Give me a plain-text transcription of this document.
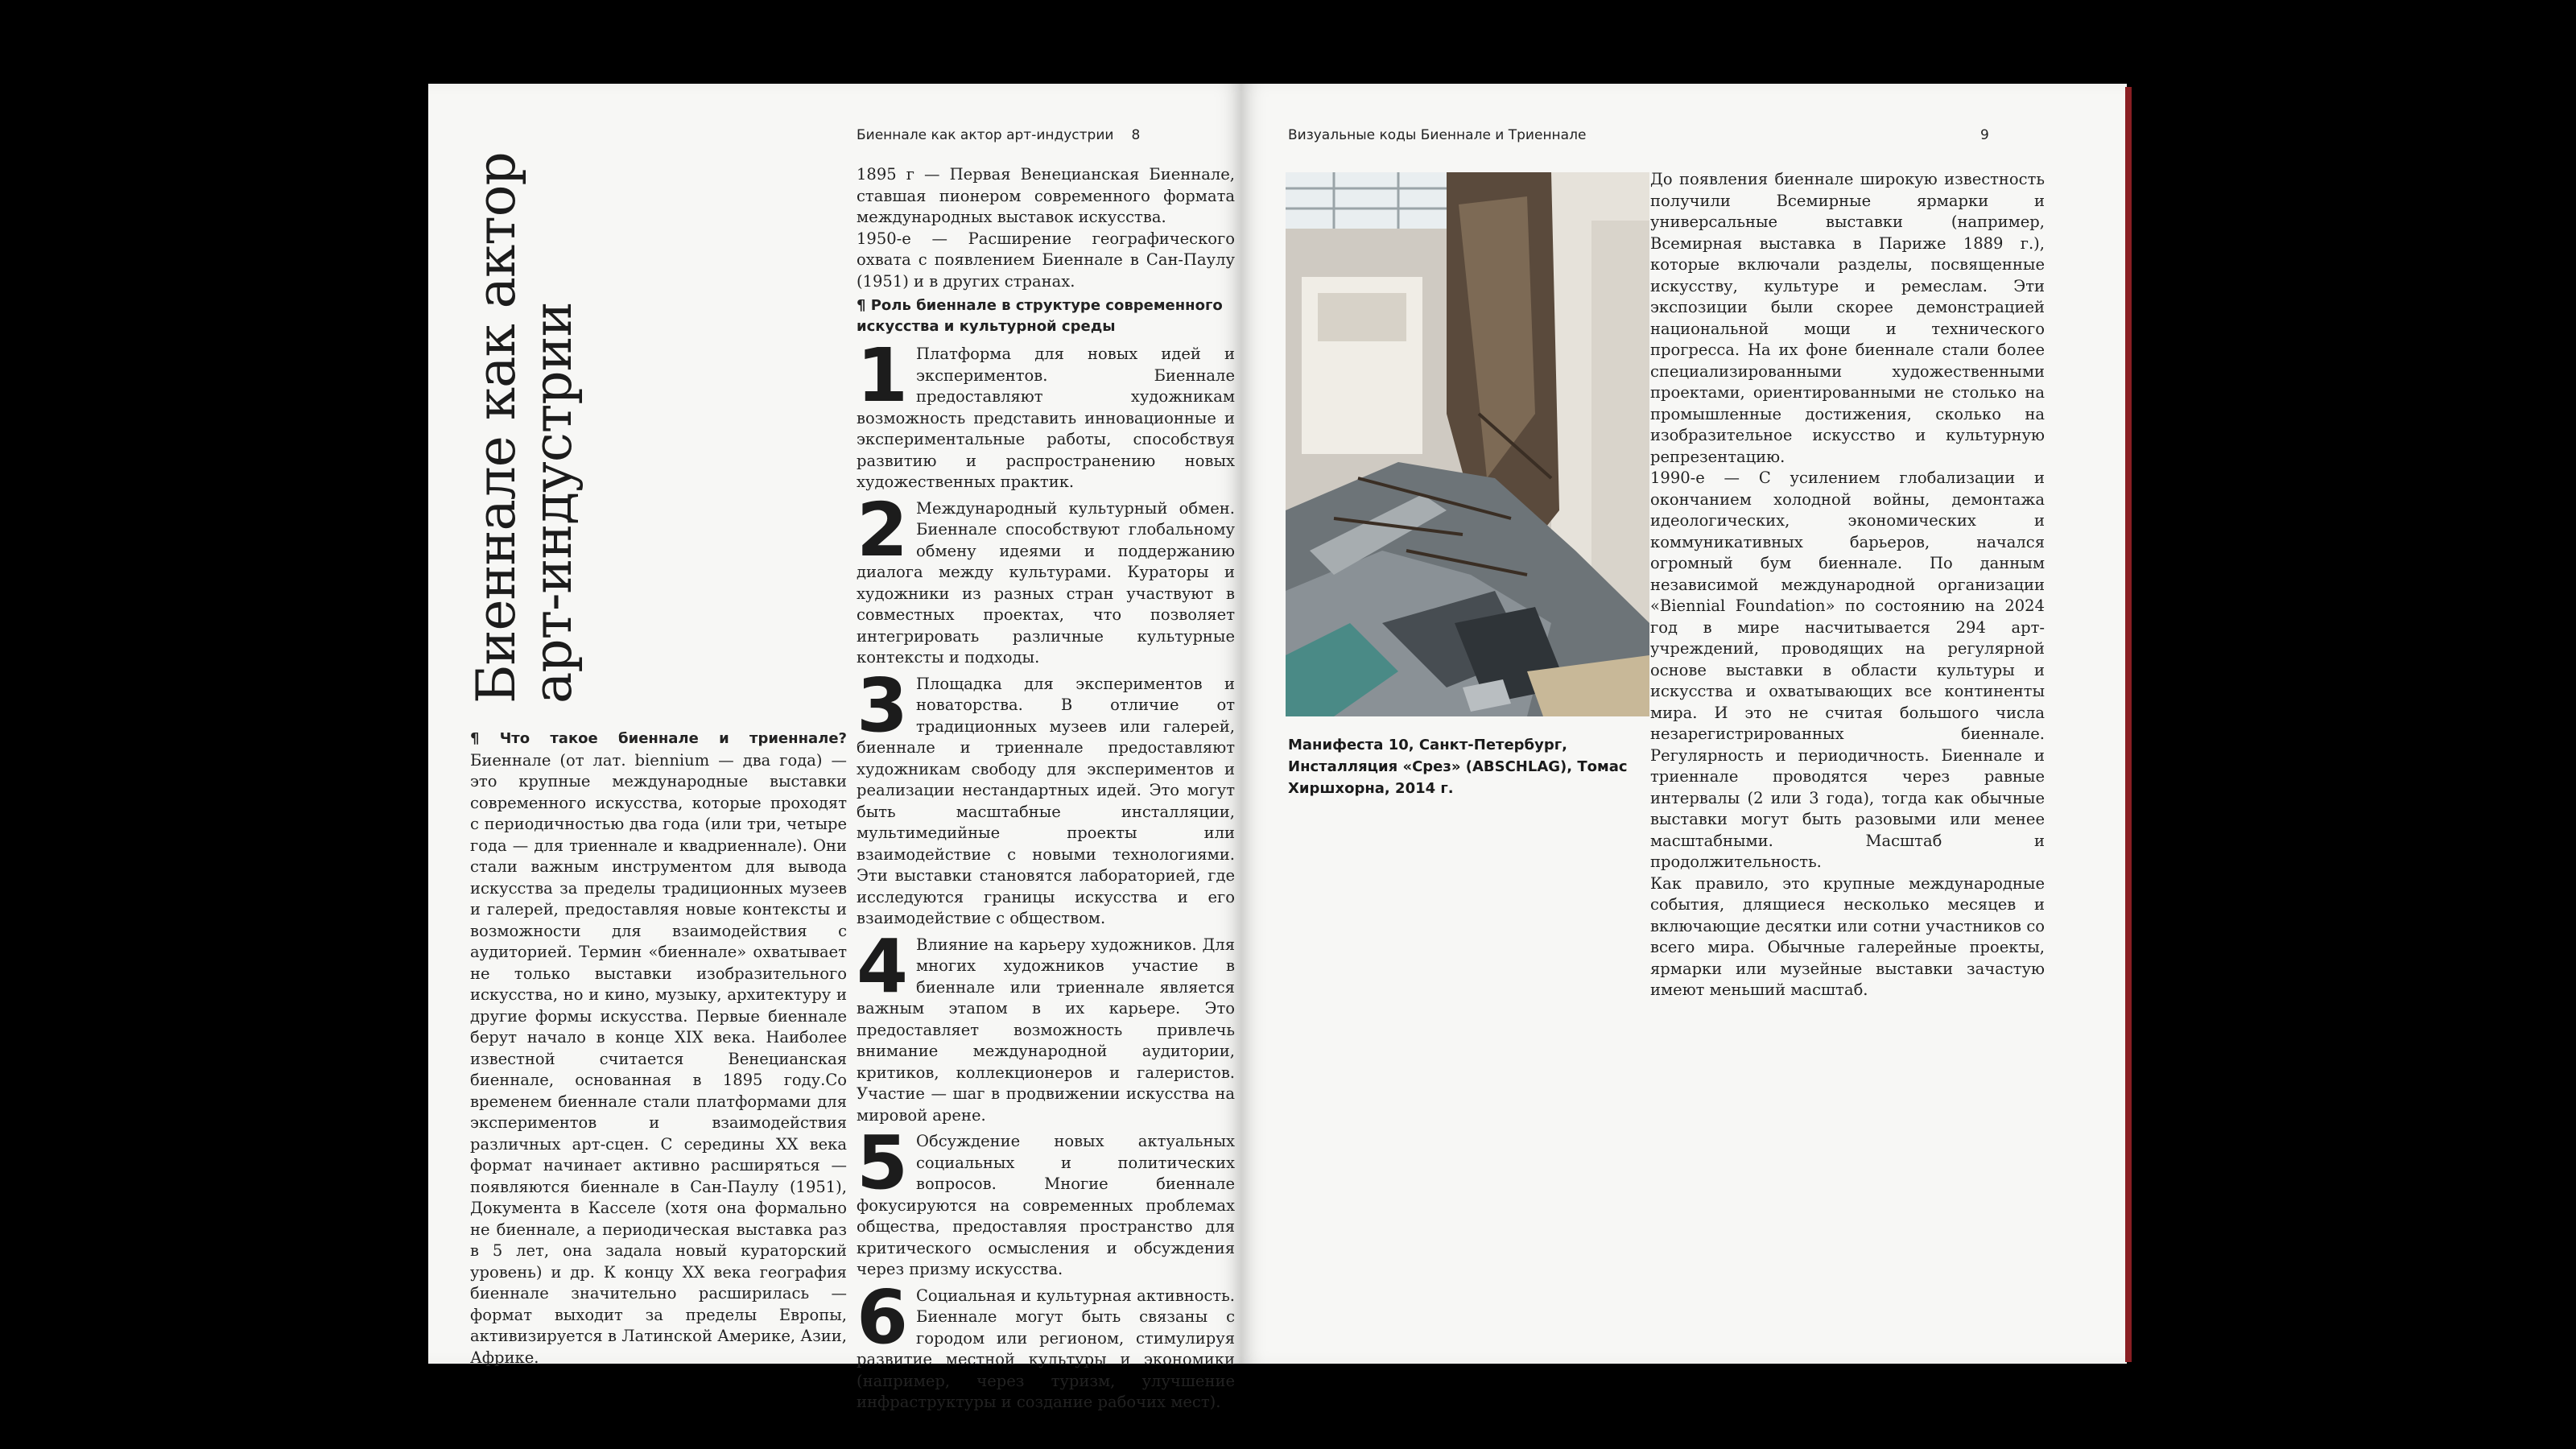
Биеннале как актор арт-индустрии 8
Биеннале как актор
арт-индустрии

¶ Что такое биеннале и триеннале? Биеннале (от лат. biennium — два года) — это крупные международные выставки современного искусства, которые проходят с периодичностью два года (или три, четыре года — для триеннале и квадриеннале). Они стали важным инструментом для вывода искусства за пределы традиционных музеев и галерей, предоставляя новые контексты и возможности для взаимодействия с аудиторией. Термин «биеннале» охватывает не только выставки изобразительного искусства, но и кино, музыку, архитектуру и другие формы искусства. Первые биеннале берут начало в конце XIX века. Наиболее известной считается Венецианская биеннале, основанная в 1895 году.Со временем биеннале стали платформами для экспериментов и взаимодействия различных арт-сцен. С середины XX века формат начинает активно расширяться — появляются биеннале в Сан-Паулу (1951), Документа в Касселе (хотя она формально не биеннале, а периодическая выставка раз в 5 лет, она задала новый кураторский уровень) и др. К концу XX века география биеннале значительно расширилась — формат выходит за пределы Европы, активизируется в Латинской Америке, Азии, Африке.

1895 г — Первая Венецианская Биеннале, ставшая пионером современного формата международных выставок искусства.

1950-е — Расширение географического охвата с появлением Биеннале в Сан-Паулу (1951) и в других странах.

¶ Роль биеннале в структуре современного искусства и культурной среды

1 Платформа для новых идей и экспериментов. Биеннале предоставляют художникам возможность представить инновационные и экспериментальные работы, способствуя развитию и распространению новых художественных практик.

2 Международный культурный обмен. Биеннале способствуют глобальному обмену идеями и поддержанию диалога между культурами. Кураторы и художники из разных стран участвуют в совместных проектах, что позволяет интегрировать различные культурные контексты и подходы.

3 Площадка для экспериментов и новаторства. В отличие от традиционных музеев или галерей, биеннале и триеннале предоставляют художникам свободу для экспериментов и реализации нестандартных идей. Это могут быть масштабные инсталляции, мультимедийные проекты или взаимодействие с новыми технологиями. Эти выставки становятся лабораторией, где исследуются границы искусства и его взаимодействие с обществом.

4 Влияние на карьеру художников. Для многих художников участие в биеннале или триеннале является важным этапом в их карьере. Это предоставляет возможность привлечь внимание международной аудитории, критиков, коллекционеров и галеристов. Участие — шаг в продвижении искусства на мировой арене.

5 Обсуждение новых актуальных социальных и политических вопросов. Многие биеннале фокусируются на современных проблемах общества, предоставляя пространство для критического осмысления и обсуждения через призму искусства.

6 Социальная и культурная активность. Биеннале могут быть связаны с городом или регионом, стимулируя развитие местной культуры и экономики (например, через туризм, улучшение инфраструктуры и создание рабочих мест).

Визуальные коды Биеннале и Триеннале	9
Манифеста 10, Санкт-Петербург, Инсталляция «Срез» (ABSCHLAG), Томас Хиршхорна, 2014 г.

До появления биеннале широкую известность получили Всемирные ярмарки и универсальные выставки (например, Всемирная выставка в Париже 1889 г.), которые включали разделы, посвященные искусству, культуре и ремеслам. Эти экспозиции были скорее демонстрацией национальной мощи и технического прогресса. На их фоне биеннале стали более специализированными художественными проектами, ориентированными не столько на промышленные достижения, сколько на изобразительное искусство и культурную репрезентацию.

1990-е — С усилением глобализации и окончанием холодной войны, демонтажа идеологических, экономических и коммуникативных барьеров, начался огромный бум биеннале. По данным независимой международной организации «Biennial Foundation» по состоянию на 2024 год в мире насчитывается 294 арт-учреждений, проводящих на регулярной основе выставки в области культуры и искусства и охватывающих все континенты мира. И это не считая большого числа незарегистрированных биеннале. Регулярность и периодичность. Биеннале и триеннале проводятся через равные интервалы (2 или 3 года), тогда как обычные выставки могут быть разовыми или менее масштабными. Масштаб и продолжительность.

Как правило, это крупные международные события, длящиеся несколько месяцев и включающие десятки или сотни участников со всего мира. Обычные галерейные проекты, ярмарки или музейные выставки зачастую имеют меньший масштаб.
